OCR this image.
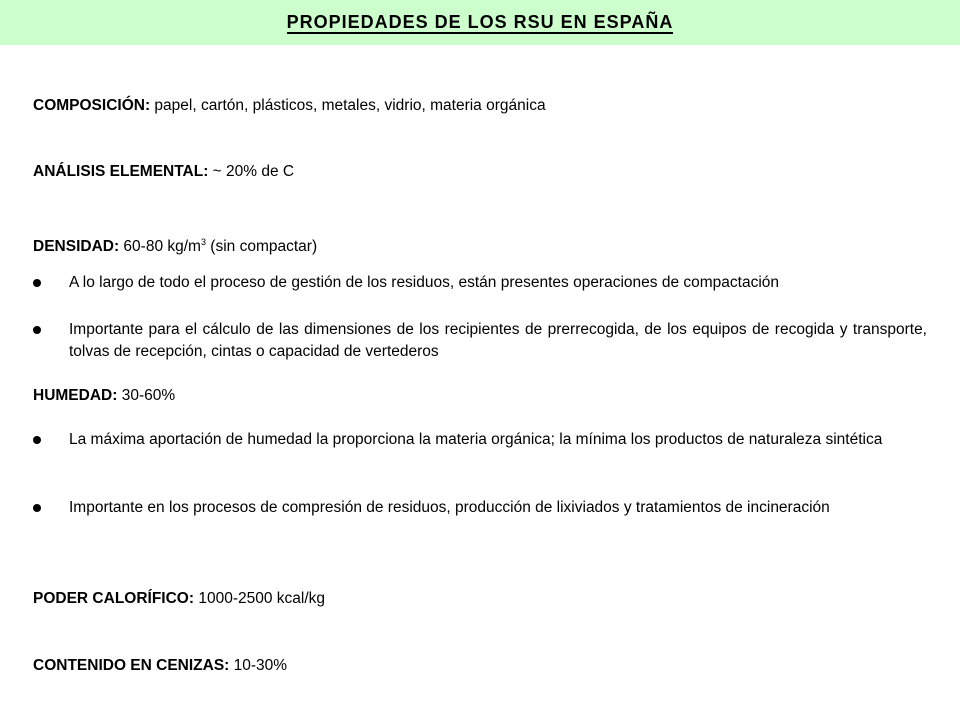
PROPIEDADES DE LOS RSU EN ESPAÑA
COMPOSICIÓN: papel, cartón, plásticos, metales, vidrio, materia orgánica
ANÁLISIS ELEMENTAL: ~ 20% de C
DENSIDAD: 60-80 $kg/m^3$ (sin compactar)
A lo largo de todo el proceso de gestión de los residuos, están presentes operaciones de compactación
Importante para el cálculo de las dimensiones de los recipientes de prerrecogida, de los equipos de recogida y transporte, tolvas de recepción, cintas o capacidad de vertederos
HUMEDAD: 30-60%
La máxima aportación de humedad la proporciona la materia orgánica; la mínima los productos de naturaleza sintética
Importante en los procesos de compresión de residuos, producción de lixiviados y tratamientos de incineración
PODER CALORÍFICO: 1000-2500 kcal/kg
CONTENIDO EN CENIZAS: 10-30%
